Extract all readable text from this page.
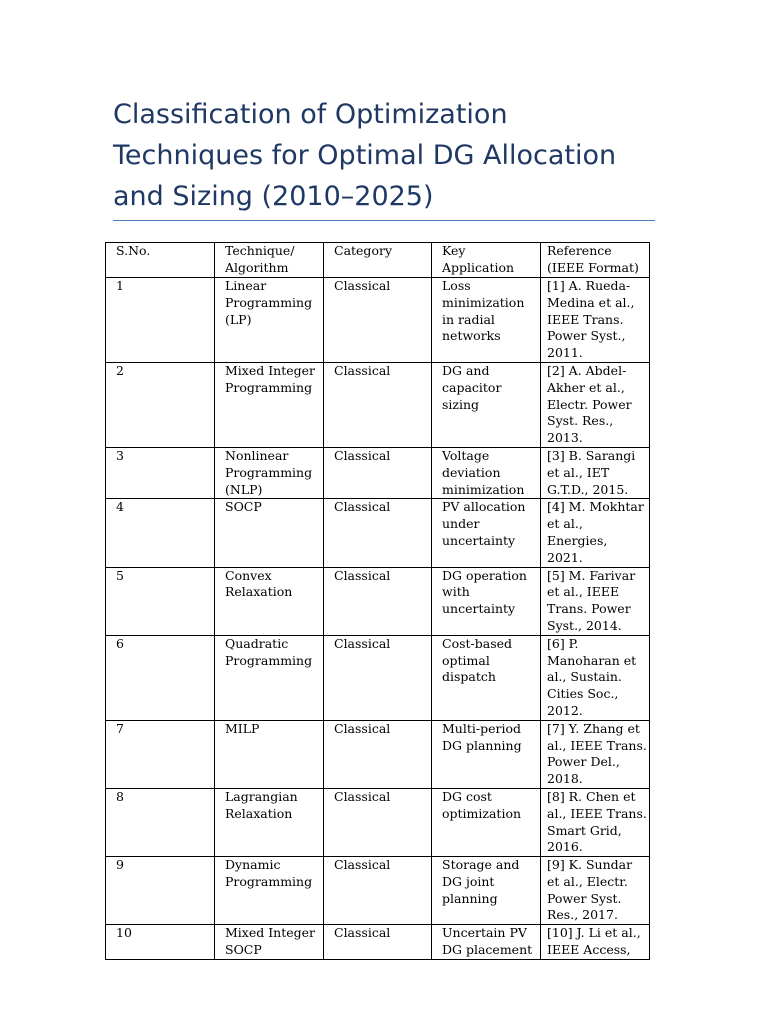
Classification of Optimization Techniques for Optimal DG Allocation and Sizing (2010–2025)
S.No.	Technique/ Algorithm	Category	Key Application	Reference (IEEE Format)
1	Linear Programming (LP)	Classical	Loss minimization in radial networks	[1] A. Rueda-Medina et al., IEEE Trans. Power Syst., 2011.
2	Mixed Integer Programming	Classical	DG and capacitor sizing	[2] A. Abdel-Akher et al., Electr. Power Syst. Res., 2013.
3	Nonlinear Programming (NLP)	Classical	Voltage deviation minimization	[3] B. Sarangi et al., IET G.T.D., 2015.
4	SOCP	Classical	PV allocation under uncertainty	[4] M. Mokhtar et al., Energies, 2021.
5	Convex Relaxation	Classical	DG operation with uncertainty	[5] M. Farivar et al., IEEE Trans. Power Syst., 2014.
6	Quadratic Programming	Classical	Cost-based optimal dispatch	[6] P. Manoharan et al., Sustain. Cities Soc., 2012.
7	MILP	Classical	Multi-period DG planning	[7] Y. Zhang et al., IEEE Trans. Power Del., 2018.
8	Lagrangian Relaxation	Classical	DG cost optimization	[8] R. Chen et al., IEEE Trans. Smart Grid, 2016.
9	Dynamic Programming	Classical	Storage and DG joint planning	[9] K. Sundar et al., Electr. Power Syst. Res., 2017.
10	Mixed Integer SOCP	Classical	Uncertain PV DG placement	[10] J. Li et al., IEEE Access,
